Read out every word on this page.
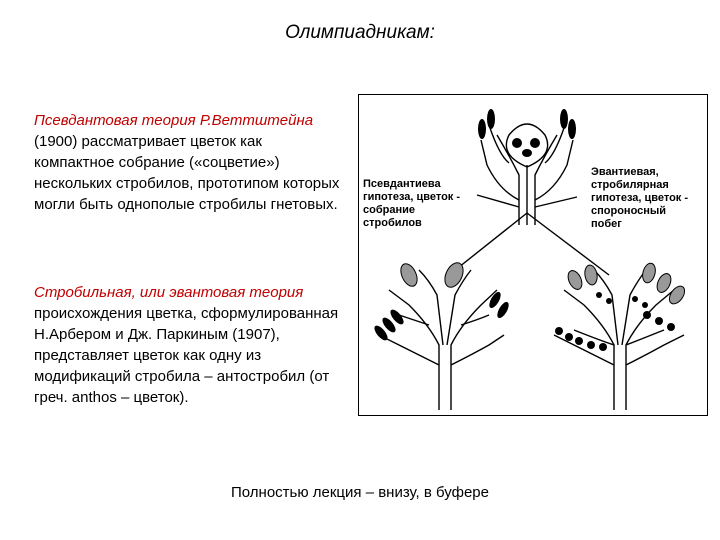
Олимпиадникам:
Псевдантовая теория Р.Веттштейна (1900) рассматривает цветок как компактное собрание («соцветие») нескольких стробилов, прототипом которых могли быть однополые стробилы гнетовых.
Стробильная, или эвантовая теория происхождения цветка, сформулированная Н.Арбером и Дж. Паркиным (1907), представляет цветок как одну из модификаций стробила – антостробил (от греч. anthos – цветок).
Псевдантиева
гипотеза, цветок -
собрание
стробилов
Эвантиевая,
стробилярная
гипотеза, цветок -
спороносный
побег
Полностью лекция – внизу, в буфере
